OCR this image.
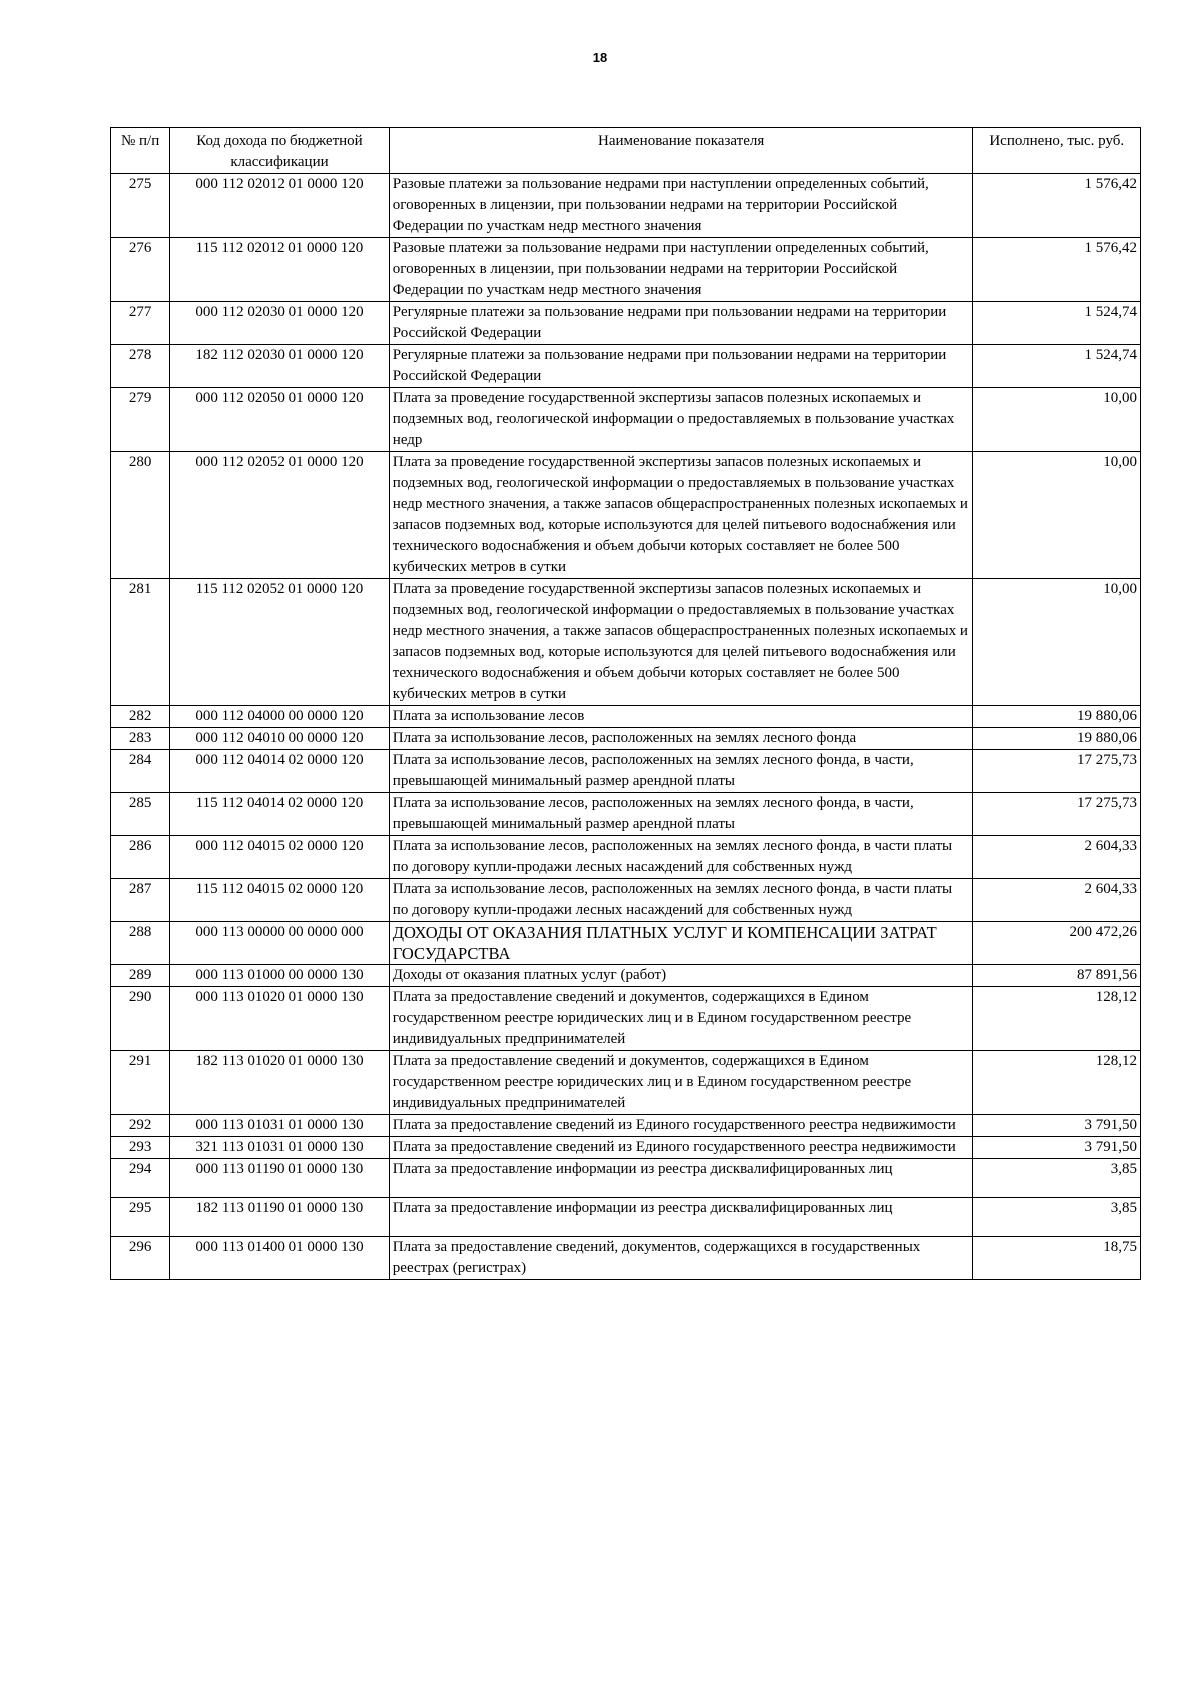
18
№ п/п	Код дохода по бюджетной классификации	Наименование показателя	Исполнено, тыс. руб.
275	000 112 02012 01 0000 120	Разовые платежи за пользование недрами при наступлении определенных событий, оговоренных в лицензии, при пользовании недрами на территории Российской Федерации по участкам недр местного значения	1 576,42
276	115 112 02012 01 0000 120	Разовые платежи за пользование недрами при наступлении определенных событий, оговоренных в лицензии, при пользовании недрами на территории Российской Федерации по участкам недр местного значения	1 576,42
277	000 112 02030 01 0000 120	Регулярные платежи за пользование недрами при пользовании недрами на территории Российской Федерации	1 524,74
278	182 112 02030 01 0000 120	Регулярные платежи за пользование недрами при пользовании недрами на территории Российской Федерации	1 524,74
279	000 112 02050 01 0000 120	Плата за проведение государственной экспертизы запасов полезных ископаемых и подземных вод, геологической информации о предоставляемых в пользование участках недр	10,00
280	000 112 02052 01 0000 120	Плата за проведение государственной экспертизы запасов полезных ископаемых и подземных вод, геологической информации о предоставляемых в пользование участках недр местного значения, а также запасов общераспространенных полезных ископаемых и запасов подземных вод, которые используются для целей питьевого водоснабжения или технического водоснабжения и объем добычи которых составляет не более 500 кубических метров в сутки	10,00
281	115 112 02052 01 0000 120	Плата за проведение государственной экспертизы запасов полезных ископаемых и подземных вод, геологической информации о предоставляемых в пользование участках недр местного значения, а также запасов общераспространенных полезных ископаемых и запасов подземных вод, которые используются для целей питьевого водоснабжения или технического водоснабжения и объем добычи которых составляет не более 500 кубических метров в сутки	10,00
282	000 112 04000 00 0000 120	Плата за использование лесов	19 880,06
283	000 112 04010 00 0000 120	Плата за использование лесов, расположенных на землях лесного фонда	19 880,06
284	000 112 04014 02 0000 120	Плата за использование лесов, расположенных на землях лесного фонда, в части, превышающей минимальный размер арендной платы	17 275,73
285	115 112 04014 02 0000 120	Плата за использование лесов, расположенных на землях лесного фонда, в части, превышающей минимальный размер арендной платы	17 275,73
286	000 112 04015 02 0000 120	Плата за использование лесов, расположенных на землях лесного фонда, в части платы по договору купли-продажи лесных насаждений для собственных нужд	2 604,33
287	115 112 04015 02 0000 120	Плата за использование лесов, расположенных на землях лесного фонда, в части платы по договору купли-продажи лесных насаждений для собственных нужд	2 604,33
288	000 113 00000 00 0000 000	ДОХОДЫ ОТ ОКАЗАНИЯ ПЛАТНЫХ УСЛУГ И КОМПЕНСАЦИИ ЗАТРАТ ГОСУДАРСТВА	200 472,26
289	000 113 01000 00 0000 130	Доходы от оказания платных услуг (работ)	87 891,56
290	000 113 01020 01 0000 130	Плата за предоставление сведений и документов, содержащихся в Едином государственном реестре юридических лиц и в Едином государственном реестре индивидуальных предпринимателей	128,12
291	182 113 01020 01 0000 130	Плата за предоставление сведений и документов, содержащихся в Едином государственном реестре юридических лиц и в Едином государственном реестре индивидуальных предпринимателей	128,12
292	000 113 01031 01 0000 130	Плата за предоставление сведений из Единого государственного реестра недвижимости	3 791,50
293	321 113 01031 01 0000 130	Плата за предоставление сведений из Единого государственного реестра недвижимости	3 791,50
294	000 113 01190 01 0000 130	Плата за предоставление информации из реестра дисквалифицированных лиц	3,85
295	182 113 01190 01 0000 130	Плата за предоставление информации из реестра дисквалифицированных лиц	3,85
296	000 113 01400 01 0000 130	Плата за предоставление сведений, документов, содержащихся в государственных реестрах (регистрах)	18,75
